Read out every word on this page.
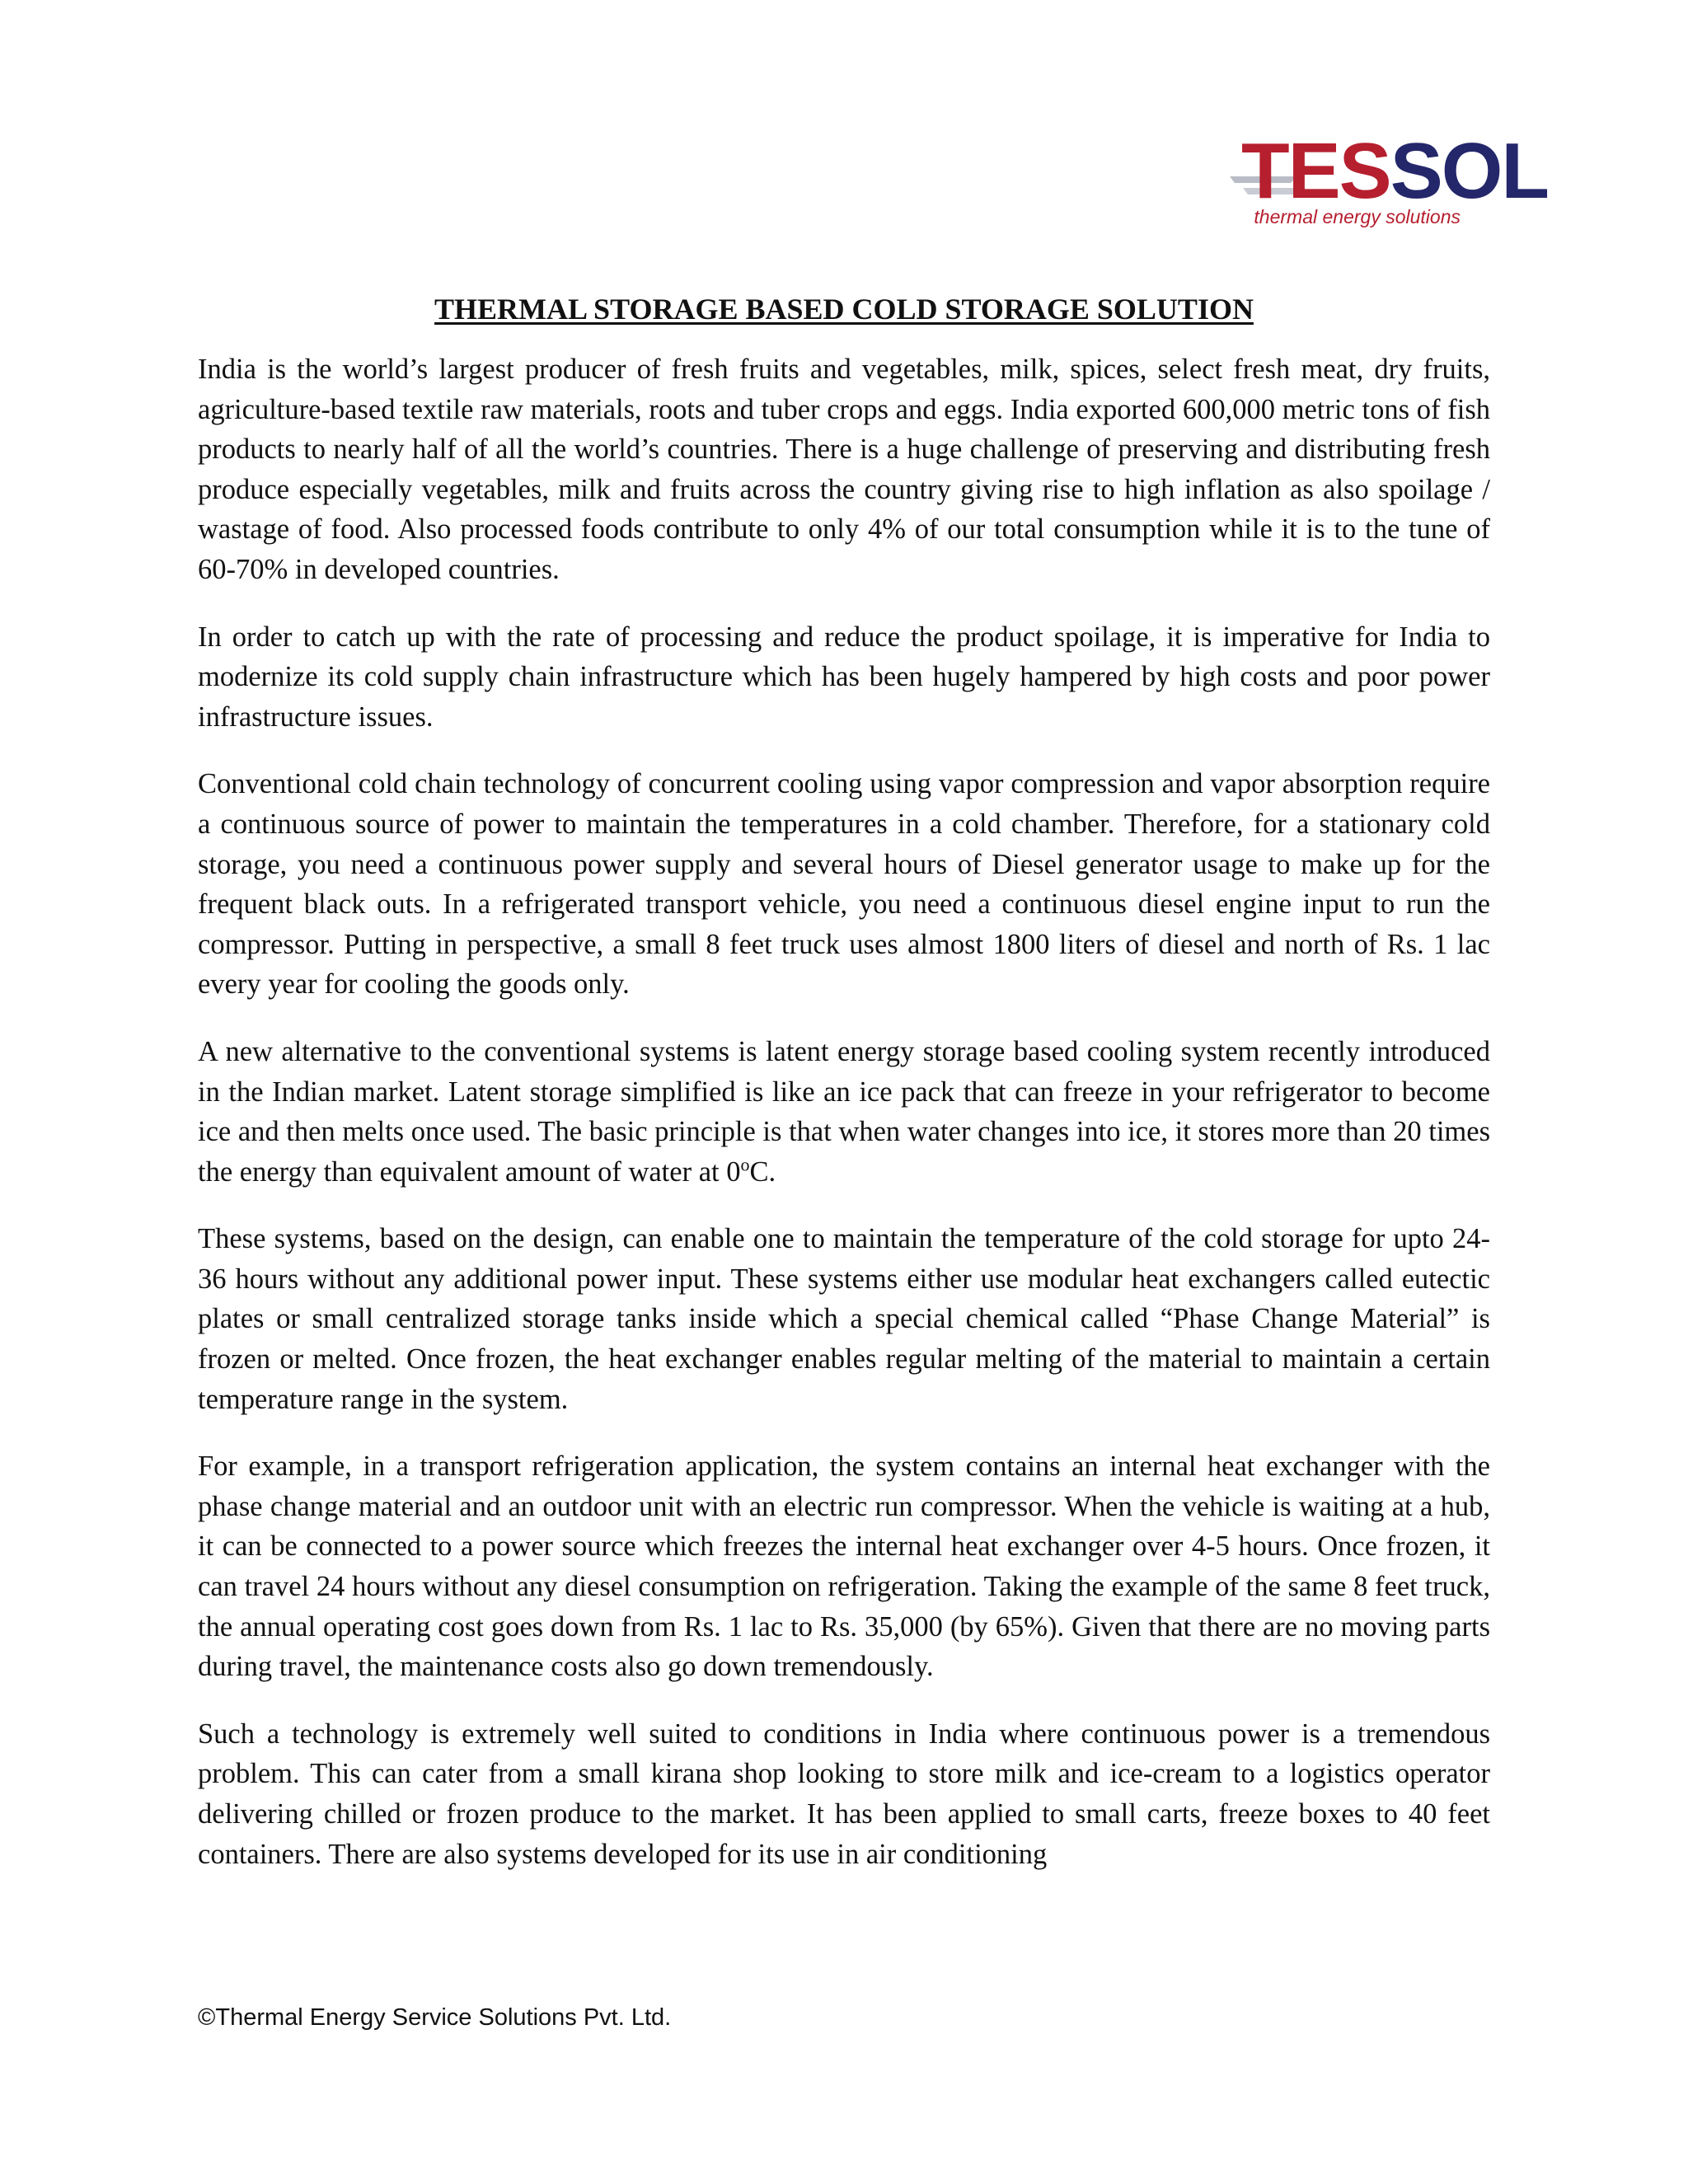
TESSOL
thermal energy solutions
THERMAL STORAGE BASED COLD STORAGE SOLUTION

India is the world’s largest producer of fresh fruits and vegetables, milk, spices, select fresh meat, dry fruits, agriculture-based textile raw materials, roots and tuber crops and eggs. India exported 600,000 metric tons of fish products to nearly half of all the world’s countries. There is a huge challenge of preserving and distributing fresh produce especially vegetables, milk and fruits across the country giving rise to high inflation as also spoilage / wastage of food. Also processed foods contribute to only 4% of our total consumption while it is to the tune of 60-70% in developed countries.

In order to catch up with the rate of processing and reduce the product spoilage, it is imperative for India to modernize its cold supply chain infrastructure which has been hugely hampered by high costs and poor power infrastructure issues.

Conventional cold chain technology of concurrent cooling using vapor compression and vapor absorption require a continuous source of power to maintain the temperatures in a cold chamber. Therefore, for a stationary cold storage, you need a continuous power supply and several hours of Diesel generator usage to make up for the frequent black outs. In a refrigerated transport vehicle, you need a continuous diesel engine input to run the compressor. Putting in perspective, a small 8 feet truck uses almost 1800 liters of diesel and north of Rs. 1 lac every year for cooling the goods only.

A new alternative to the conventional systems is latent energy storage based cooling system recently introduced in the Indian market. Latent storage simplified is like an ice pack that can freeze in your refrigerator to become ice and then melts once used. The basic principle is that when water changes into ice, it stores more than 20 times the energy than equivalent amount of water at 0$^o$C.

These systems, based on the design, can enable one to maintain the temperature of the cold storage for upto 24-36 hours without any additional power input. These systems either use modular heat exchangers called eutectic plates or small centralized storage tanks inside which a special chemical called “Phase Change Material” is frozen or melted. Once frozen, the heat exchanger enables regular melting of the material to maintain a certain temperature range in the system.

For example, in a transport refrigeration application, the system contains an internal heat exchanger with the phase change material and an outdoor unit with an electric run compressor. When the vehicle is waiting at a hub, it can be connected to a power source which freezes the internal heat exchanger over 4-5 hours. Once frozen, it can travel 24 hours without any diesel consumption on refrigeration. Taking the example of the same 8 feet truck, the annual operating cost goes down from Rs. 1 lac to Rs. 35,000 (by 65%). Given that there are no moving parts during travel, the maintenance costs also go down tremendously.

Such a technology is extremely well suited to conditions in India where continuous power is a tremendous problem. This can cater from a small kirana shop looking to store milk and ice-cream to a logistics operator delivering chilled or frozen produce to the market. It has been applied to small carts, freeze boxes to 40 feet containers. There are also systems developed for its use in air conditioning

©Thermal Energy Service Solutions Pvt. Ltd.
